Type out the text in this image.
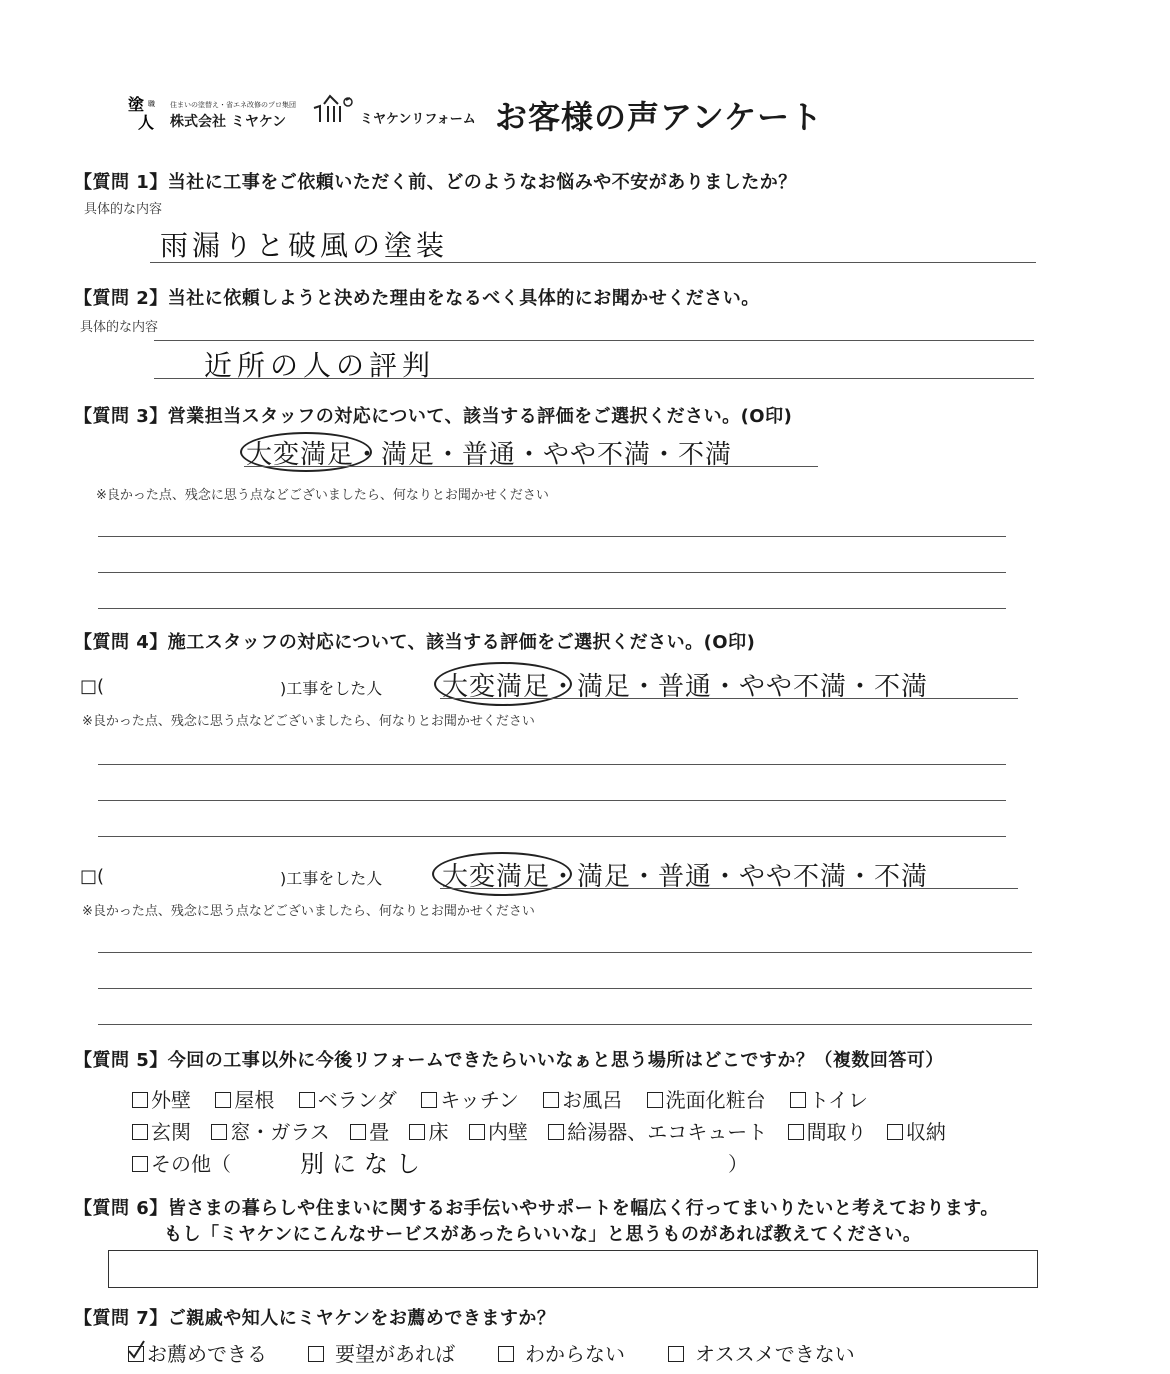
塗
人
職 住まいの塗替え・省エネ改修のプロ集団
株式会社 ミヤケン	ミヤケンリフォーム お客様の声アンケート
【質問 1】当社に工事をご依頼いただく前、どのようなお悩みや不安がありましたか？
具体的な内容
雨漏りと破風の塗装
【質問 2】当社に依頼しようと決めた理由をなるべく具体的にお聞かせください。
具体的な内容
近所の人の評判
【質問 3】営業担当スタッフの対応について、該当する評価をご選択ください。(O印)
大変満足・満足・普通・やや不満・不満
※良かった点、残念に思う点などございましたら、何なりとお聞かせください
【質問 4】施工スタッフの対応について、該当する評価をご選択ください。(O印)
□(	)工事をした人 大変満足・満足・普通・やや不満・不満
※良かった点、残念に思う点などございましたら、何なりとお聞かせください
□(	)工事をした人 大変満足・満足・普通・やや不満・不満
※良かった点、残念に思う点などございましたら、何なりとお聞かせください
【質問 5】今回の工事以外に今後リフォームできたらいいなぁと思う場所はどこですか？（複数回答可）
外壁 屋根 ベランダ キッチン お風呂 洗面化粧台 トイレ
玄関 窓・ガラス 畳 床 内壁 給湯器、エコキュート 間取り 収納
その他（	別になし	）
【質問 6】皆さまの暮らしや住まいに関するお手伝いやサポートを幅広く行ってまいりたいと考えております。
もし「ミヤケンにこんなサービスがあったらいいな」と思うものがあれば教えてください。
【質問 7】ご親戚や知人にミヤケンをお薦めできますか？
お薦めできる	要望があれば	わからない	オススメできない
